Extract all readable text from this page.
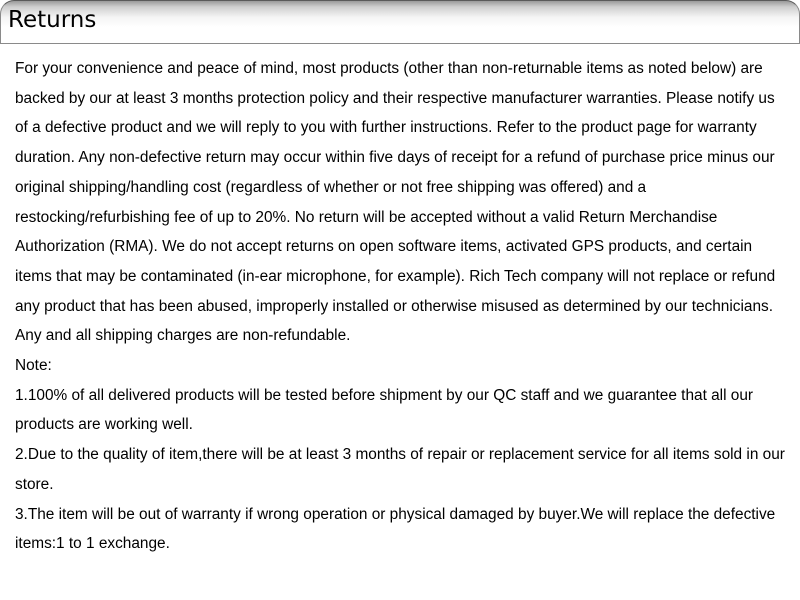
Returns

For your convenience and peace of mind, most products (other than non-returnable items as noted below) are backed by our at least 3 months protection policy and their respective manufacturer warranties. Please notify us of a defective product and we will reply to you with further instructions. Refer to the product page for warranty duration. Any non-defective return may occur within five days of receipt for a refund of purchase price minus our original shipping/handling cost (regardless of whether or not free shipping was offered) and a restocking/refurbishing fee of up to 20%. No return will be accepted without a valid Return Merchandise Authorization (RMA). We do not accept returns on open software items, activated GPS products, and certain items that may be contaminated (in-ear microphone, for example). Rich Tech company will not replace or refund any product that has been abused, improperly installed or otherwise misused as determined by our technicians. Any and all shipping charges are non-refundable.

Note:

1.100% of all delivered products will be tested before shipment by our QC staff and we guarantee that all our products are working well.

2.Due to the quality of item,there will be at least 3 months of repair or replacement service for all items sold in our store.

3.The item will be out of warranty if wrong operation or physical damaged by buyer.We will replace the defective items:1 to 1 exchange.
